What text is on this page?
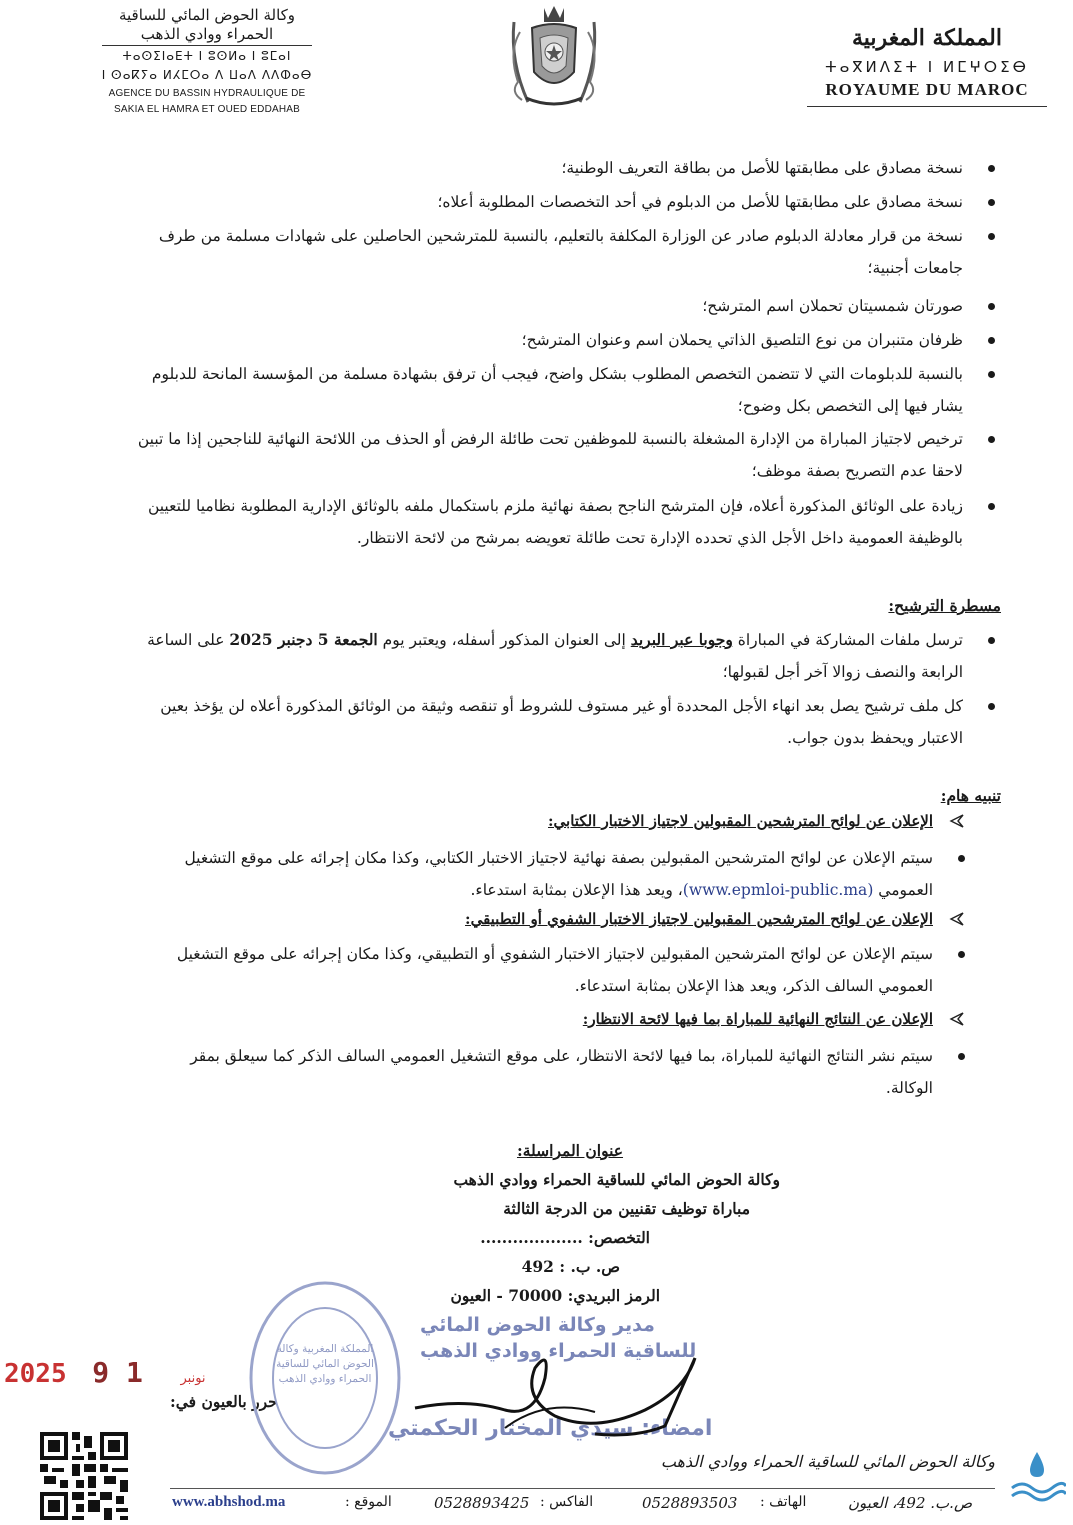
وكالة الحوض المائي للساقية
الحمراء ووادي الذهب
ⵜⴰⵙⵉⵏⴰⴹⵜ ⵏ ⵓⵙⵍⴰ ⵏ ⵓⵎⴰⵏ
ⵏ ⵙⴰⴽⵢⴰ ⵍⵃⵎⵔⴰ ⴷ ⵡⴰⴷ ⴷⴷⵀⴰⴱ
AGENCE DU BASSIN HYDRAULIQUE DE
SAKIA EL HAMRA ET OUED EDDAHAB
المملكة المغربية
ⵜⴰⴳⵍⴷⵉⵜ ⵏ ⵍⵎⵖⵔⵉⴱ
ROYAUME DU MAROC
نسخة مصادق على مطابقتها للأصل من بطاقة التعريف الوطنية؛
نسخة مصادق على مطابقتها للأصل من الدبلوم في أحد التخصصات المطلوبة أعلاه؛
نسخة من قرار معادلة الدبلوم صادر عن الوزارة المكلفة بالتعليم، بالنسبة للمترشحين الحاصلين على شهادات مسلمة من طرف جامعات أجنبية؛
صورتان شمسيتان تحملان اسم المترشح؛
ظرفان متنبران من نوع التلصيق الذاتي يحملان اسم وعنوان المترشح؛
بالنسبة للدبلومات التي لا تتضمن التخصص المطلوب بشكل واضح، فيجب أن ترفق بشهادة مسلمة من المؤسسة المانحة للدبلوم يشار فيها إلى التخصص بكل وضوح؛
ترخيص لاجتياز المباراة من الإدارة المشغلة بالنسبة للموظفين تحت طائلة الرفض أو الحذف من اللائحة النهائية للناجحين إذا ما تبين لاحقا عدم التصريح بصفة موظف؛
زيادة على الوثائق المذكورة أعلاه، فإن المترشح الناجح بصفة نهائية ملزم باستكمال ملفه بالوثائق الإدارية المطلوبة نظاميا للتعيين بالوظيفة العمومية داخل الأجل الذي تحدده الإدارة تحت طائلة تعويضه بمرشح من لائحة الانتظار.
مسطرة الترشيح:
ترسل ملفات المشاركة في المباراة وجوبا عبر البريد إلى العنوان المذكور أسفله، ويعتبر يوم الجمعة 5 دجنبر 2025 على الساعة الرابعة والنصف زوالا آخر أجل لقبولها؛
كل ملف ترشيح يصل بعد انهاء الأجل المحددة أو غير مستوف للشروط أو تنقصه وثيقة من الوثائق المذكورة أعلاه لن يؤخذ بعين الاعتبار ويحفظ بدون جواب.
تنبيه هام:
الإعلان عن لوائح المترشحين المقبولين لاجتياز الاختبار الكتابي:
سيتم الإعلان عن لوائح المترشحين المقبولين بصفة نهائية لاجتياز الاختبار الكتابي، وكذا مكان إجرائه على موقع التشغيل العمومي (www.epmloi-public.ma)، ويعد هذا الإعلان بمثابة استدعاء.
الإعلان عن لوائح المترشحين المقبولين لاجتياز الاختبار الشفوي أو التطبيقي:
سيتم الإعلان عن لوائح المترشحين المقبولين لاجتياز الاختبار الشفوي أو التطبيقي، وكذا مكان إجرائه على موقع التشغيل العمومي السالف الذكر، ويعد هذا الإعلان بمثابة استدعاء.
الإعلان عن النتائج النهائية للمباراة بما فيها لائحة الانتظار:
سيتم نشر النتائج النهائية للمباراة، بما فيها لائحة الانتظار، على موقع التشغيل العمومي السالف الذكر كما سيعلق بمقر الوكالة.
عنوان المراسلة:
وكالة الحوض المائي للساقية الحمراء ووادي الذهب
مباراة توظيف تقنيين من الدرجة الثالثة
التخصص: ...................
ص. ب. : 492
الرمز البريدي: 70000 - العيون
2025	نونبر 1 9
حرر بالعيون في:
المملكة المغربية وكالة الحوض المائي للساقية الحمراء ووادي الذهب
مدير وكالة الحوض المائي
للساقية الحمراء ووادي الذهب
امضاء: سيدي المختار الحكمتي
وكالة الحوض المائي للساقية الحمراء ووادي الذهب
www.abhshod.ma	الموقع :	0528893425 الفاكس :	0528893503 الهاتف :	ص.ب. 492، العيون
